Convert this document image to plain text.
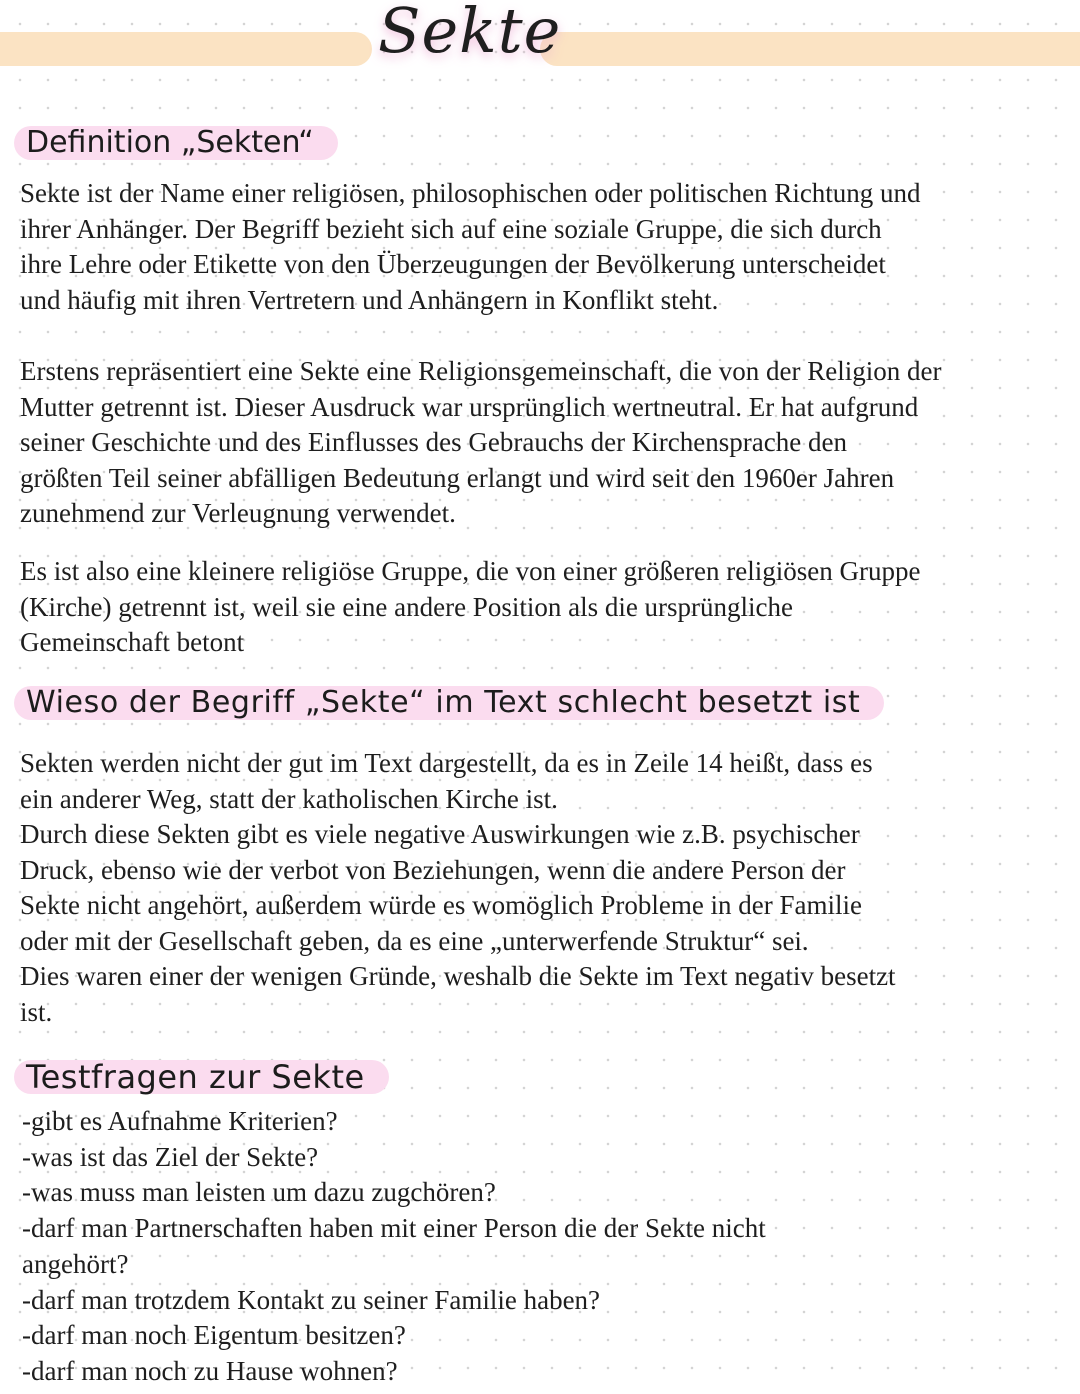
Sekte
Definition „Sekten“

Sekte ist der Name einer religiösen, philosophischen oder politischen Richtung und
ihrer Anhänger. Der Begriff bezieht sich auf eine soziale Gruppe, die sich durch
ihre Lehre oder Etikette von den Überzeugungen der Bevölkerung unterscheidet
und häufig mit ihren Vertretern und Anhängern in Konflikt steht.

Erstens repräsentiert eine Sekte eine Religionsgemeinschaft, die von der Religion der
Mutter getrennt ist. Dieser Ausdruck war ursprünglich wertneutral. Er hat aufgrund
seiner Geschichte und des Einflusses des Gebrauchs der Kirchensprache den
größten Teil seiner abfälligen Bedeutung erlangt und wird seit den 1960er Jahren
zunehmend zur Verleugnung verwendet.

Es ist also eine kleinere religiöse Gruppe, die von einer größeren religiösen Gruppe
(Kirche) getrennt ist, weil sie eine andere Position als die ursprüngliche
Gemeinschaft betont

Wieso der Begriff „Sekte“ im Text schlecht besetzt ist

Sekten werden nicht der gut im Text dargestellt, da es in Zeile 14 heißt, dass es
ein anderer Weg, statt der katholischen Kirche ist.
Durch diese Sekten gibt es viele negative Auswirkungen wie z.B. psychischer
Druck, ebenso wie der verbot von Beziehungen, wenn die andere Person der
Sekte nicht angehört, außerdem würde es womöglich Probleme in der Familie
oder mit der Gesellschaft geben, da es eine „unterwerfende Struktur“ sei.
Dies waren einer der wenigen Gründe, weshalb die Sekte im Text negativ besetzt
ist.

Testfragen zur Sekte
-gibt es Aufnahme Kriterien?
-was ist das Ziel der Sekte?
-was muss man leisten um dazu zugchören?
-darf man Partnerschaften haben mit einer Person die der Sekte nicht
angehört?
-darf man trotzdem Kontakt zu seiner Familie haben?
-darf man noch Eigentum besitzen?
-darf man noch zu Hause wohnen?
